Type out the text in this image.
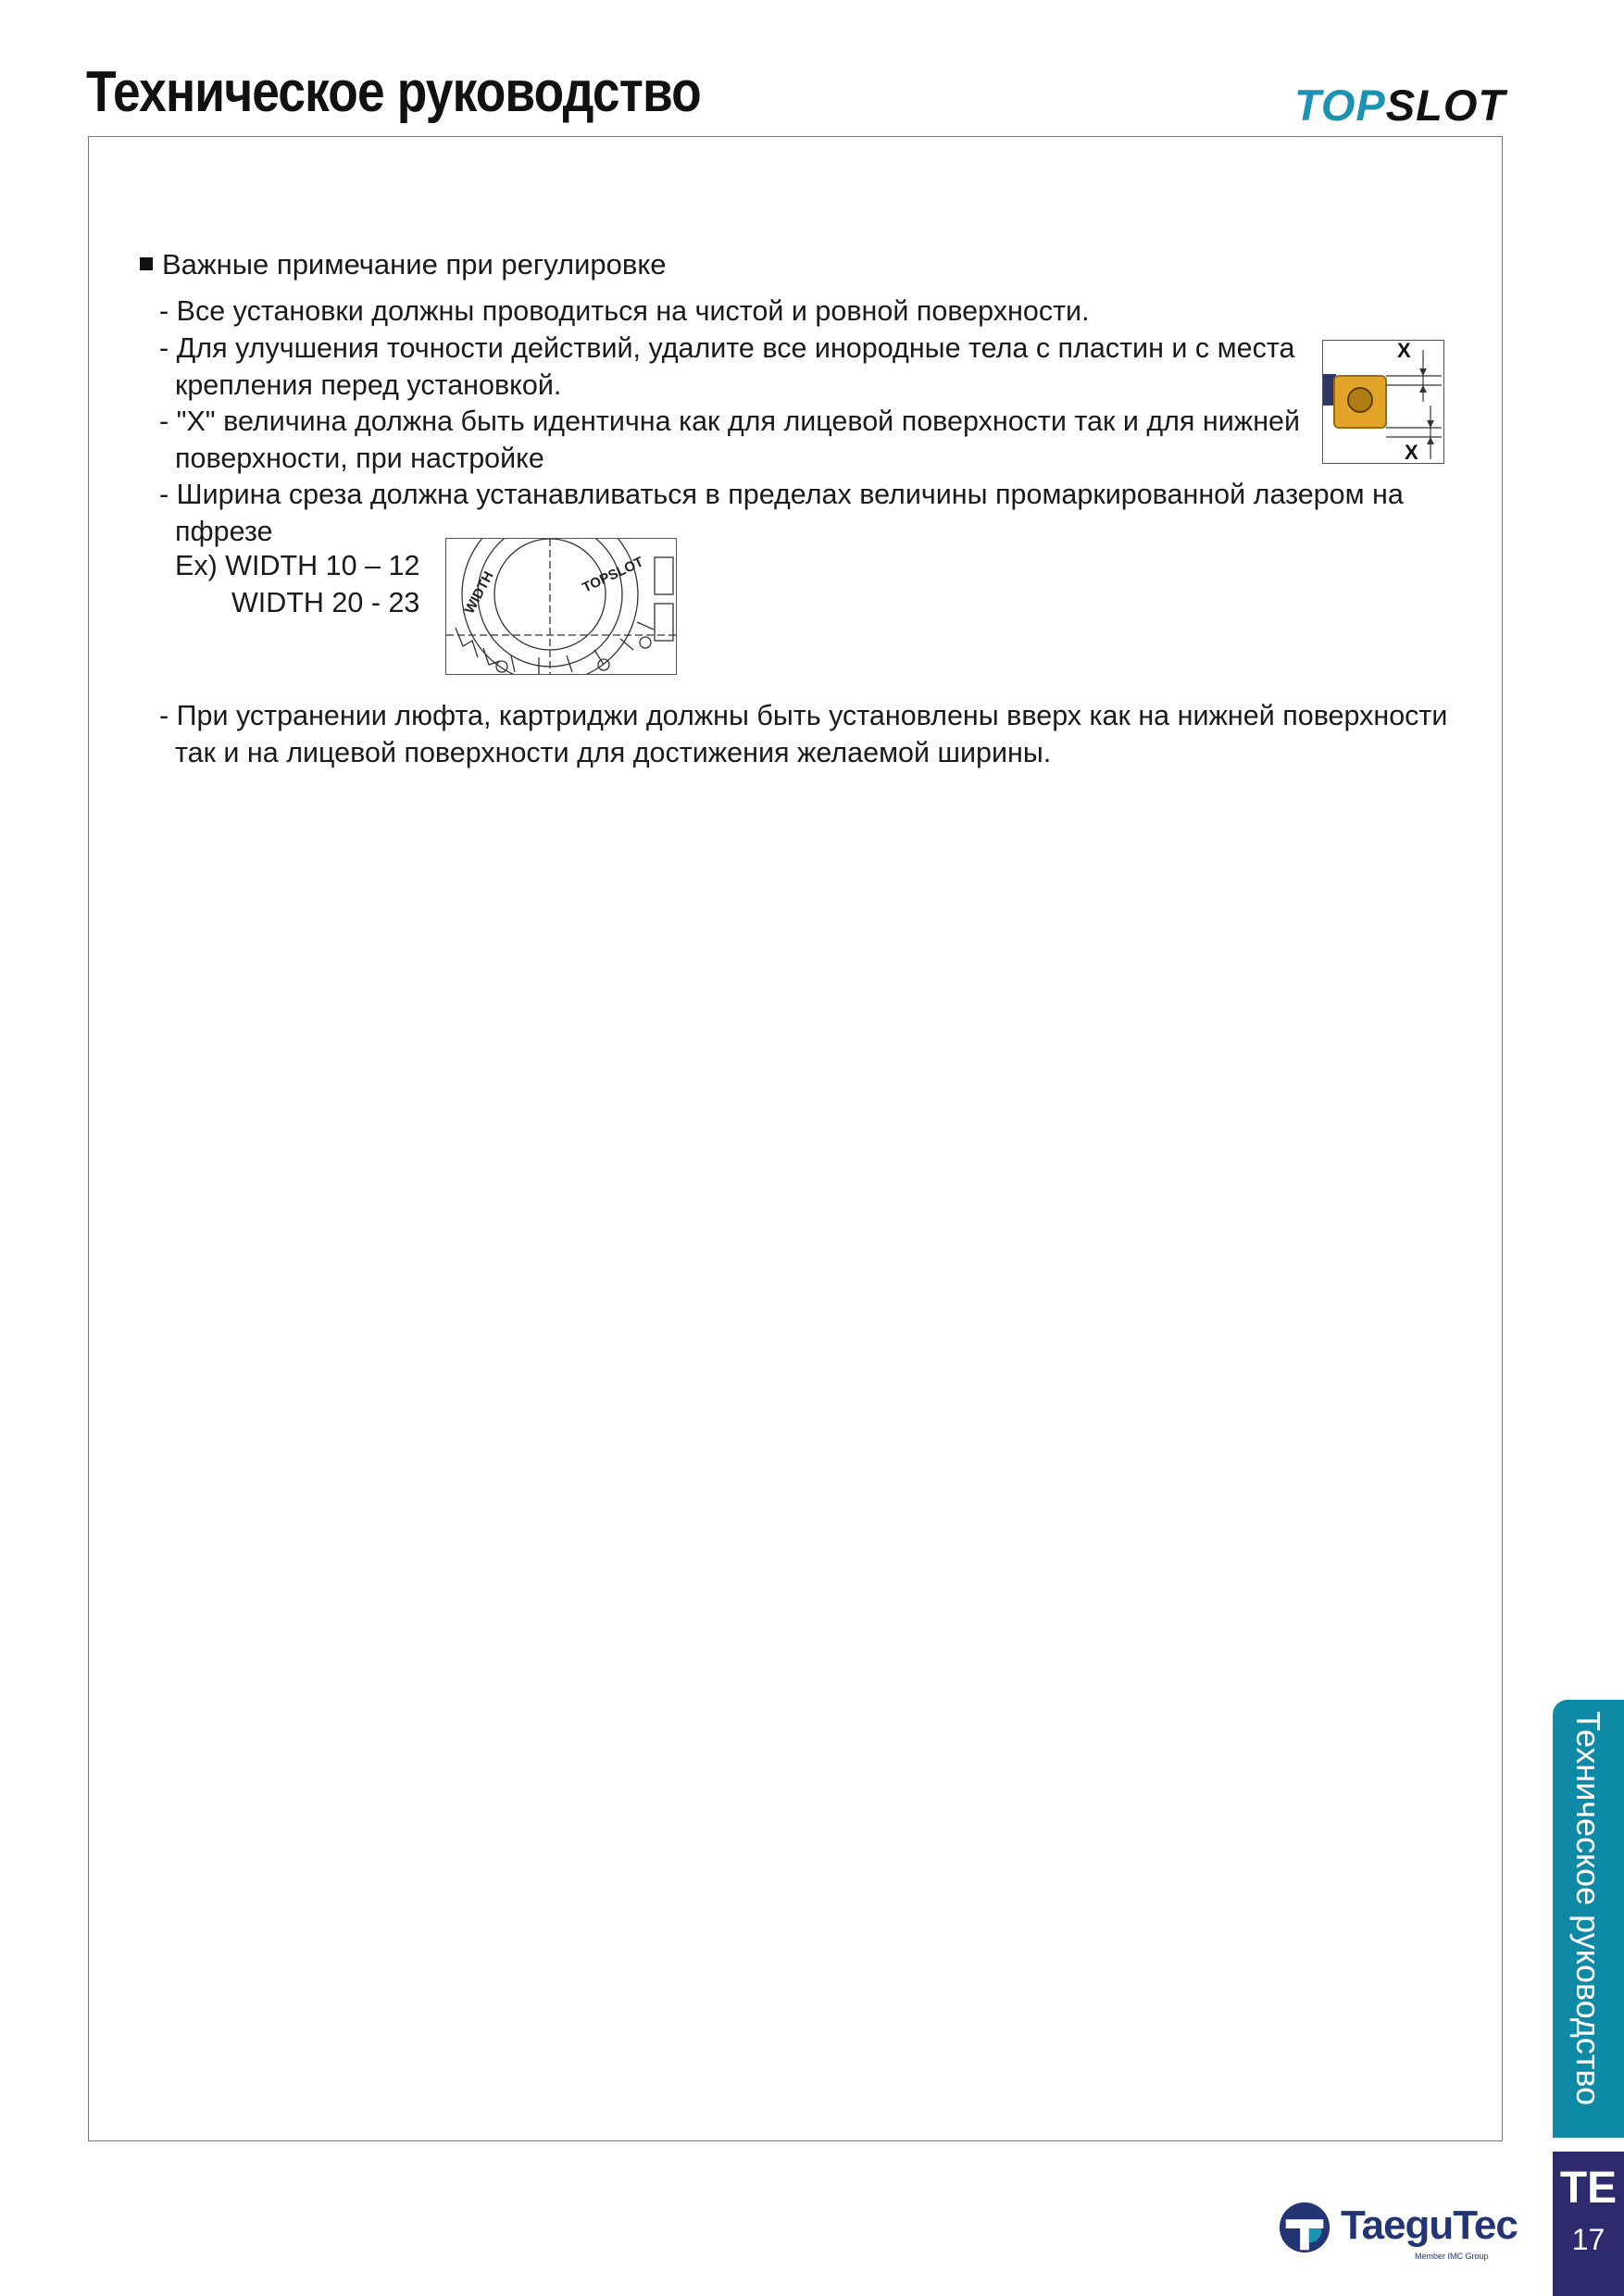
Техническое руководство	TOPSLOT
Важные примечание при регулировке
- Все установки должны проводиться на чистой и ровной поверхности.
- Для улучшения точности действий, удалите все инородные тела с пластин и с места
крепления перед установкой.
- "X" величина должна быть идентична как для лицевой поверхности так и для нижней
поверхности, при настройке
- Ширина среза должна устанавливаться в пределах величины промаркированной лазером на
пфрезе
Ex) WIDTH 10 – 12
WIDTH 20 - 23
- При устранении люфта, картриджи должны быть установлены вверх как на нижней поверхности
так и на лицевой поверхности для достижения желаемой ширины.
X
X
WIDTH	TOPSLOT
Техническое руководство
TE
17
TaeguTec
Member IMC Group
